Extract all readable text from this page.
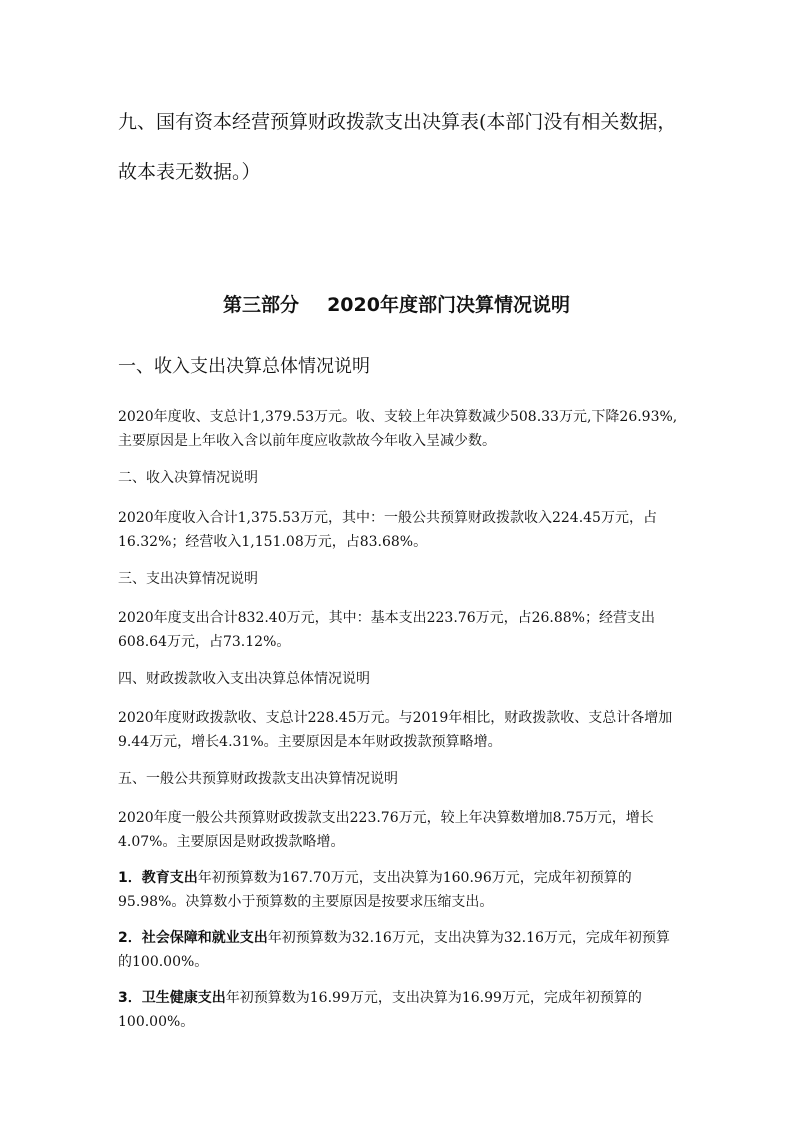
九、国有资本经营预算财政拨款支出决算表(本部门没有相关数据，故本表无数据。）

第三部分 2020年度部门决算情况说明

一、收入支出决算总体情况说明

2020年度收、支总计1,379.53万元。收、支较上年决算数减少508.33万元,下降26.93%,主要原因是上年收入含以前年度应收款故今年收入呈减少数。

二、收入决算情况说明

2020年度收入合计1,375.53万元，其中：一般公共预算财政拨款收入224.45万元，占16.32%；经营收入1,151.08万元，占83.68%。

三、支出决算情况说明

2020年度支出合计832.40万元，其中：基本支出223.76万元，占26.88%；经营支出608.64万元，占73.12%。

四、财政拨款收入支出决算总体情况说明

2020年度财政拨款收、支总计228.45万元。与2019年相比，财政拨款收、支总计各增加9.44万元，增长4.31%。主要原因是本年财政拨款预算略增。

五、一般公共预算财政拨款支出决算情况说明

2020年度一般公共预算财政拨款支出223.76万元，较上年决算数增加8.75万元，增长4.07%。主要原因是财政拨款略增。

1．教育支出年初预算数为167.70万元，支出决算为160.96万元，完成年初预算的95.98%。决算数小于预算数的主要原因是按要求压缩支出。

2．社会保障和就业支出年初预算数为32.16万元，支出决算为32.16万元，完成年初预算的100.00%。

3．卫生健康支出年初预算数为16.99万元，支出决算为16.99万元，完成年初预算的100.00%。
